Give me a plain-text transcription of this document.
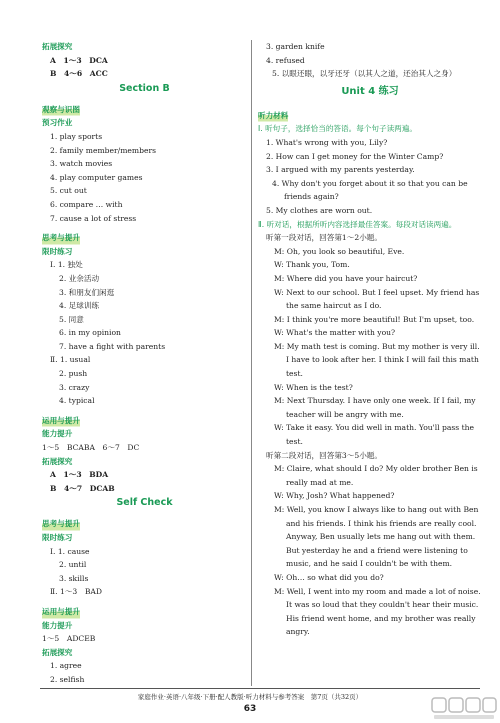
拓展探究
A　1～3　DCA
B　4～6　ACC
Section B
观察与识图
预习作业
1. play sports
2. family member/members
3. watch movies
4. play computer games
5. cut out
6. compare … with
7. cause a lot of stress
思考与提升
限时练习
Ⅰ. 1. 独处
2. 业余活动
3. 和朋友们闲逛
4. 足球训练
5. 同意
6. in my opinion
7. have a fight with parents
Ⅱ. 1. usual
2. push
3. crazy
4. typical
运用与提升
能力提升
1～5　BCABA　6～7　DC
拓展探究
A　1～3　BDA
B　4～7　DCAB
Self Check
思考与提升
限时练习
Ⅰ. 1. cause
2. until
3. skills
Ⅱ. 1～3　BAD
运用与提升
能力提升
1～5　ADCEB
拓展探究
1. agree
2. selfish
3. garden knife
4. refused
5. 以眼还眼，以牙还牙（以其人之道，还治其人之身）
Unit 4 练习
听力材料
Ⅰ. 听句子，选择恰当的答语。每个句子读两遍。
1. What's wrong with you, Lily?
2. How can I get money for the Winter Camp?
3. I argued with my parents yesterday.
4. Why don't you forget about it so that you can be friends again?
5. My clothes are worn out.
Ⅱ. 听对话，根据所听内容选择最佳答案。每段对话读两遍。
听第一段对话，回答第1～2小题。
M: Oh, you look so beautiful, Eve.
W: Thank you, Tom.
M: Where did you have your haircut?
W: Next to our school. But I feel upset. My friend has the same haircut as I do.
M: I think you're more beautiful! But I'm upset, too.
W: What's the matter with you?
M: My math test is coming. But my mother is very ill. I have to look after her. I think I will fail this math test.
W: When is the test?
M: Next Thursday. I have only one week. If I fail, my teacher will be angry with me.
W: Take it easy. You did well in math. You'll pass the test.
听第二段对话，回答第3～5小题。
M: Claire, what should I do? My older brother Ben is really mad at me.
W: Why, Josh? What happened?
M: Well, you know I always like to hang out with Ben and his friends. I think his friends are really cool. Anyway, Ben usually lets me hang out with them. But yesterday he and a friend were listening to music, and he said I couldn't be with them.
W: Oh… so what did you do?
M: Well, I went into my room and made a lot of noise. It was so loud that they couldn't hear their music. His friend went home, and my brother was really angry.
家庭作业·英语·八年级·下册·配人教版·听力材料与参考答案　第7页（共32页）
63
